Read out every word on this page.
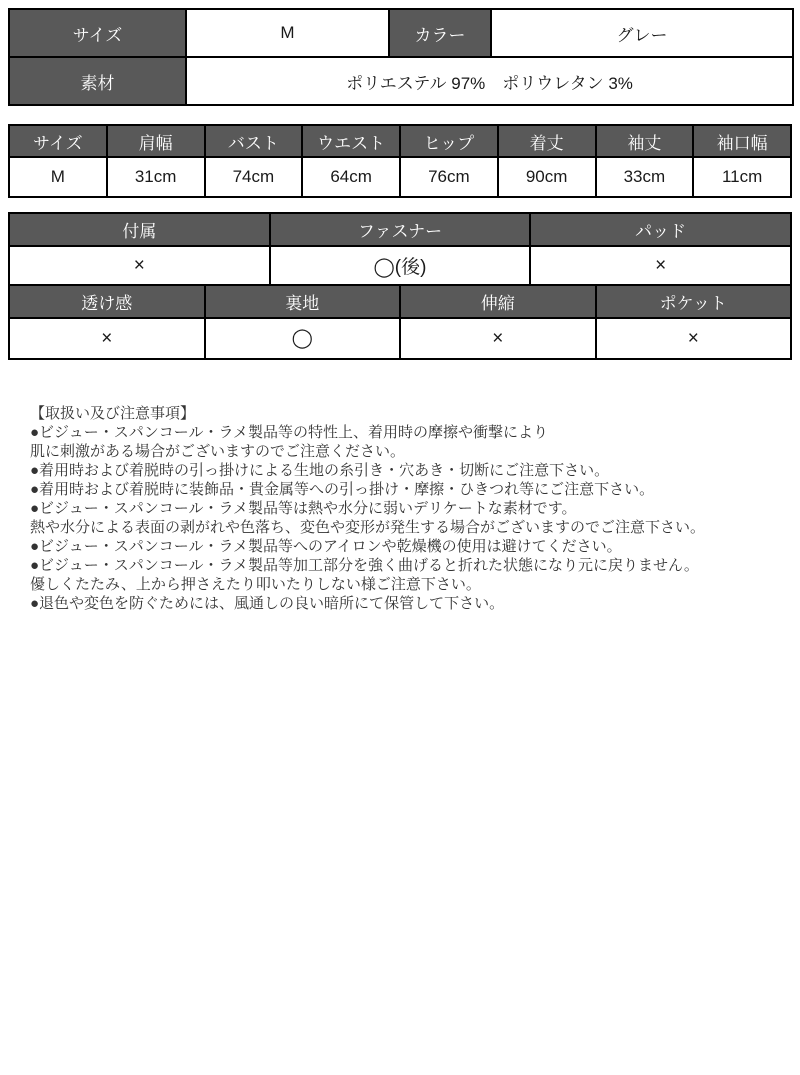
サイズ	M	カラー	グレー
素材	ポリエステル 97%　ポリウレタン 3%		
サイズ	肩幅	バスト	ウエスト	ヒップ	着丈	袖丈	袖口幅
M	31cm	74cm	64cm	76cm	90cm	33cm	11cm
付属	ファスナー	パッド
×	◯(後)	×
透け感	裏地	伸縮	ポケット
×	◯	×	×
【取扱い及び注意事項】
●ビジュー・スパンコール・ラメ製品等の特性上、着用時の摩擦や衝撃により
肌に刺激がある場合がございますのでご注意ください。
●着用時および着脱時の引っ掛けによる生地の糸引き・穴あき・切断にご注意下さい。
●着用時および着脱時に装飾品・貴金属等への引っ掛け・摩擦・ひきつれ等にご注意下さい。
●ビジュー・スパンコール・ラメ製品等は熱や水分に弱いデリケートな素材です。
熱や水分による表面の剥がれや色落ち、変色や変形が発生する場合がございますのでご注意下さい。
●ビジュー・スパンコール・ラメ製品等へのアイロンや乾燥機の使用は避けてください。
●ビジュー・スパンコール・ラメ製品等加工部分を強く曲げると折れた状態になり元に戻りません。
優しくたたみ、上から押さえたり叩いたりしない様ご注意下さい。
●退色や変色を防ぐためには、風通しの良い暗所にて保管して下さい。
